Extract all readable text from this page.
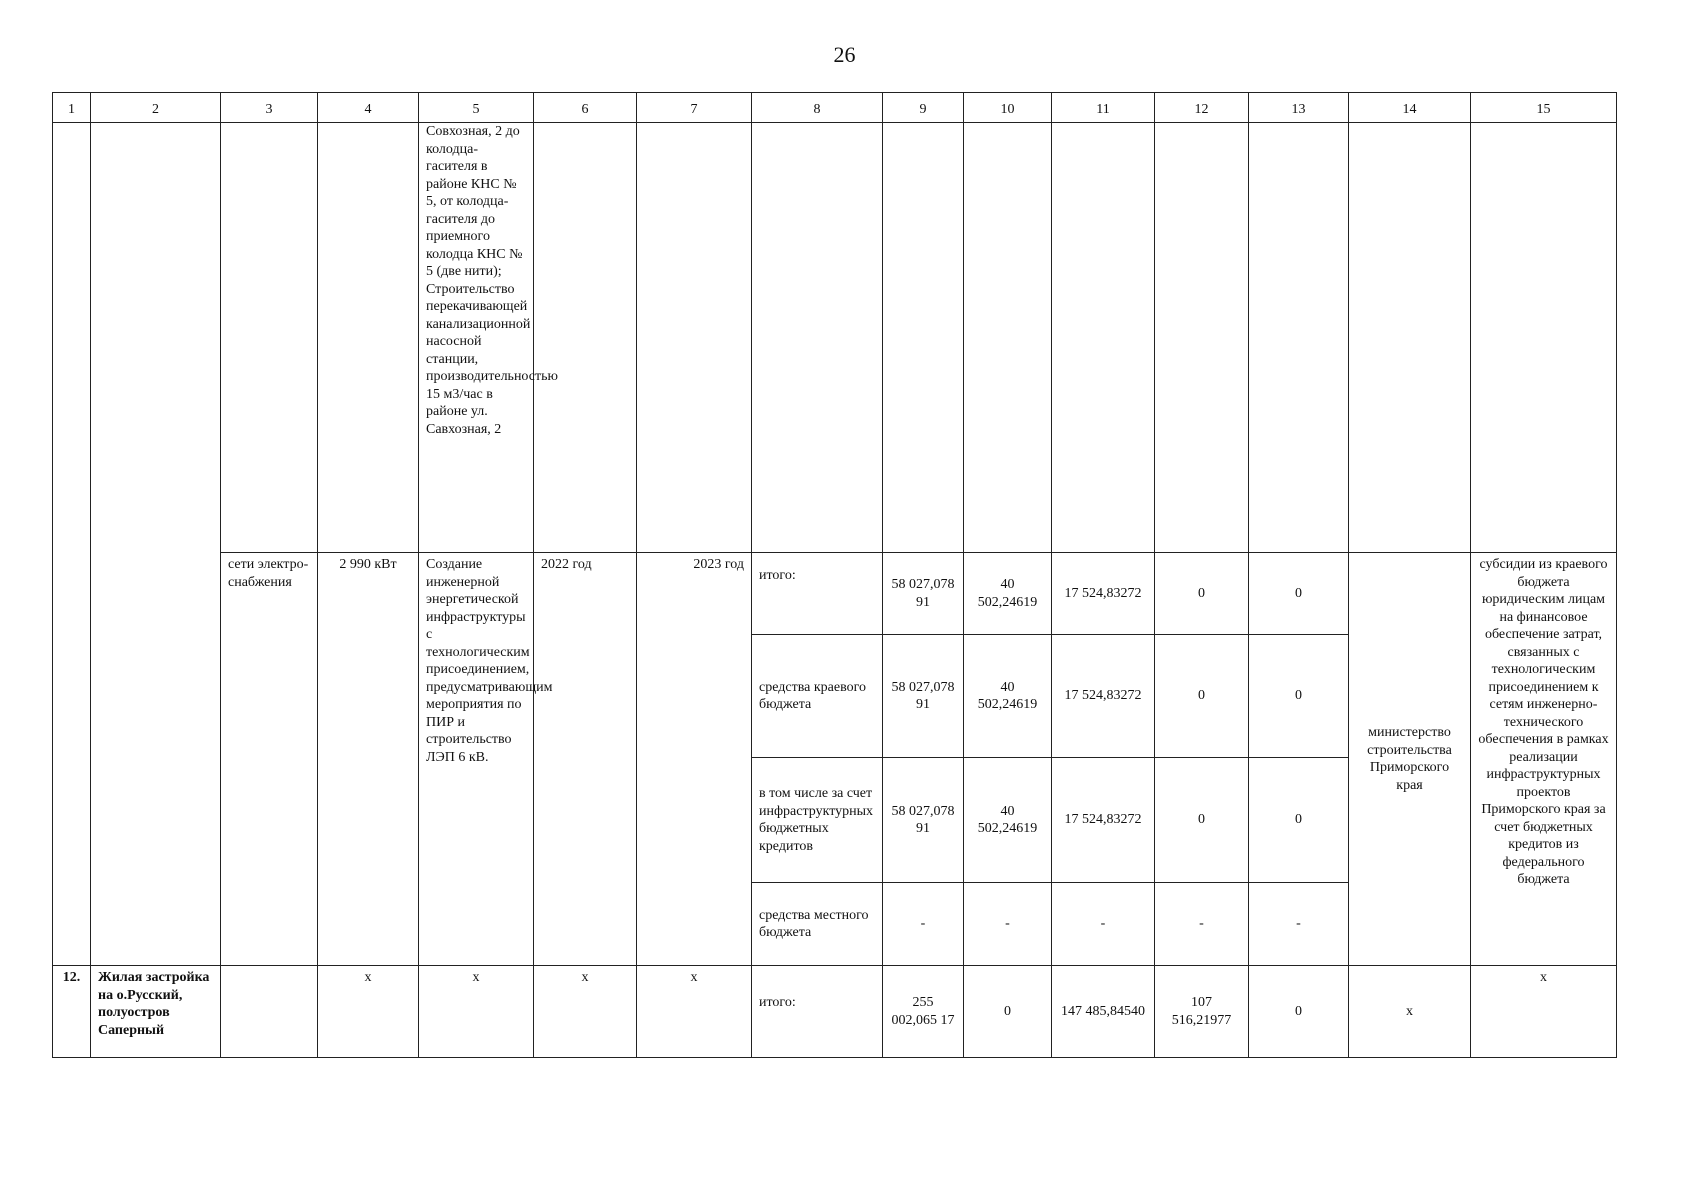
26
1	2	3	4	5	6	7	8	9	10	11	12	13	14	15
				Совхозная, 2 до колодца-гасителя в районе КНС № 5, от колодца-гасителя до приемного колодца КНС № 5 (две нити); Строительство перекачивающей канализационной насосной станции, производительностью 15 м3/час в районе ул. Савхозная, 2										
		сети электро-снабжения	2 990 кВт	Создание инженерной энергетической инфраструктуры с технологическим присоединением, предусматривающим мероприятия по ПИР и строительство ЛЭП 6 кВ.	2022 год	2023 год	итого:	58 027,078 91	40 502,24619	17 524,83272	0	0	министерство строительства Приморского края	субсидии из краевого бюджета юридическим лицам на финансовое обеспечение затрат, связанных с технологическим присоединением к сетям инженерно-технического обеспечения в рамках реализации инфраструктурных проектов Приморского края за счет бюджетных кредитов из федерального бюджета
							средства краевого бюджета	58 027,078 91	40 502,24619	17 524,83272	0	0		
							в том числе за счет инфраструктурных бюджетных кредитов	58 027,078 91	40 502,24619	17 524,83272	0	0		
							средства местного бюджета	-	-	-	-	-		
12.	Жилая застройка на о.Русский, полуостров Саперный		х	х	х	х	итого:	255 002,065 17	0	147 485,84540	107 516,21977	0	х	х
